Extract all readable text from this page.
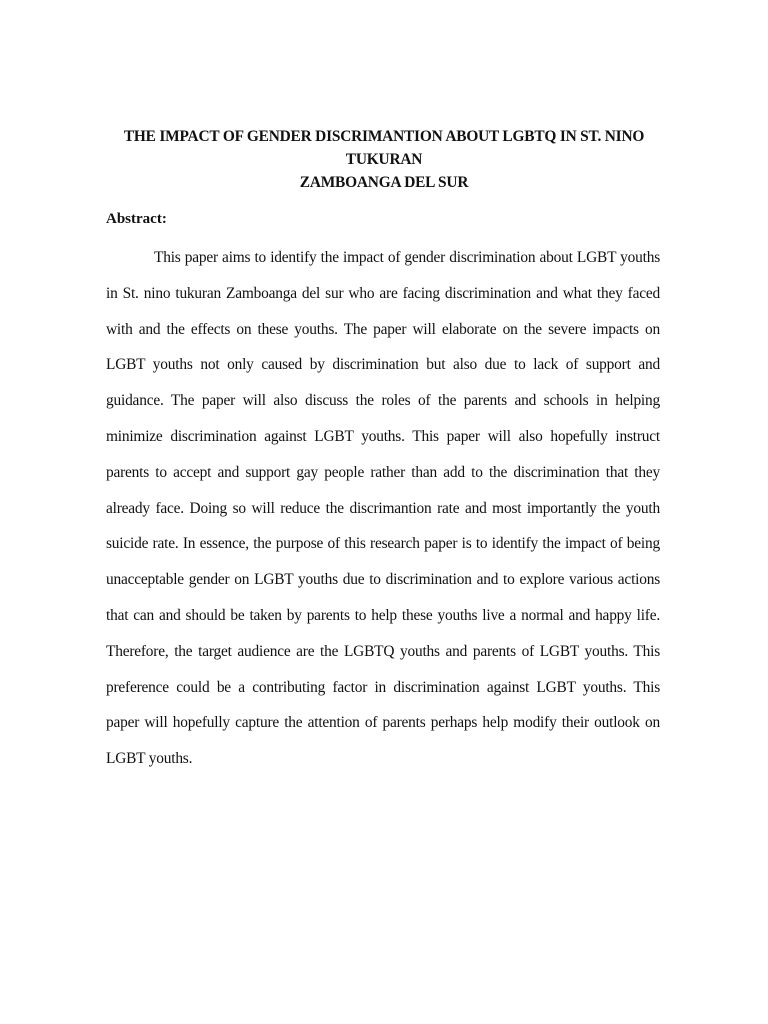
THE IMPACT OF GENDER DISCRIMANTION ABOUT LGBTQ IN ST. NINO TUKURAN
ZAMBOANGA DEL SUR
Abstract:

This paper aims to identify the impact of gender discrimination about LGBT youths
in St. nino tukuran Zamboanga del sur who are facing discrimination and what they faced
with and the effects on these youths. The paper will elaborate on the severe impacts on
LGBT youths not only caused by discrimination but also due to lack of support and
guidance. The paper will also discuss the roles of the parents and schools in helping
minimize discrimination against LGBT youths. This paper will also hopefully instruct
parents to accept and support gay people rather than add to the discrimination that they
already face. Doing so will reduce the discrimantion rate and most importantly the youth
suicide rate. In essence, the purpose of this research paper is to identify the impact of being
unacceptable gender on LGBT youths due to discrimination and to explore various actions
that can and should be taken by parents to help these youths live a normal and happy life.
Therefore, the target audience are the LGBTQ youths and parents of LGBT youths. This
preference could be a contributing factor in discrimination against LGBT youths. This
paper will hopefully capture the attention of parents perhaps help modify their outlook on
LGBT youths.
